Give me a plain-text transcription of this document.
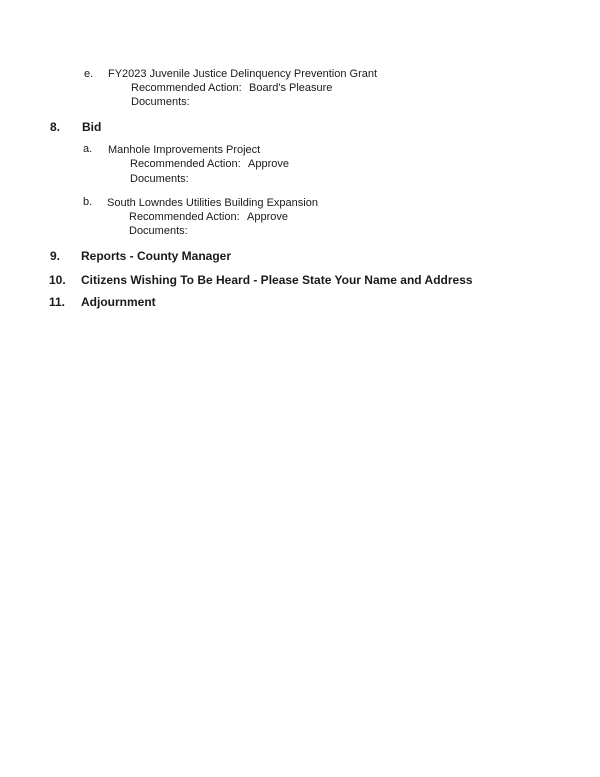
e. FY2023 Juvenile Justice Delinquency Prevention Grant
Recommended Action: Board's Pleasure
Documents:
8. Bid
a. Manhole Improvements Project
Recommended Action: Approve
Documents:
b. South Lowndes Utilities Building Expansion
Recommended Action: Approve
Documents:
9. Reports - County Manager
10. Citizens Wishing To Be Heard - Please State Your Name and Address
11. Adjournment
